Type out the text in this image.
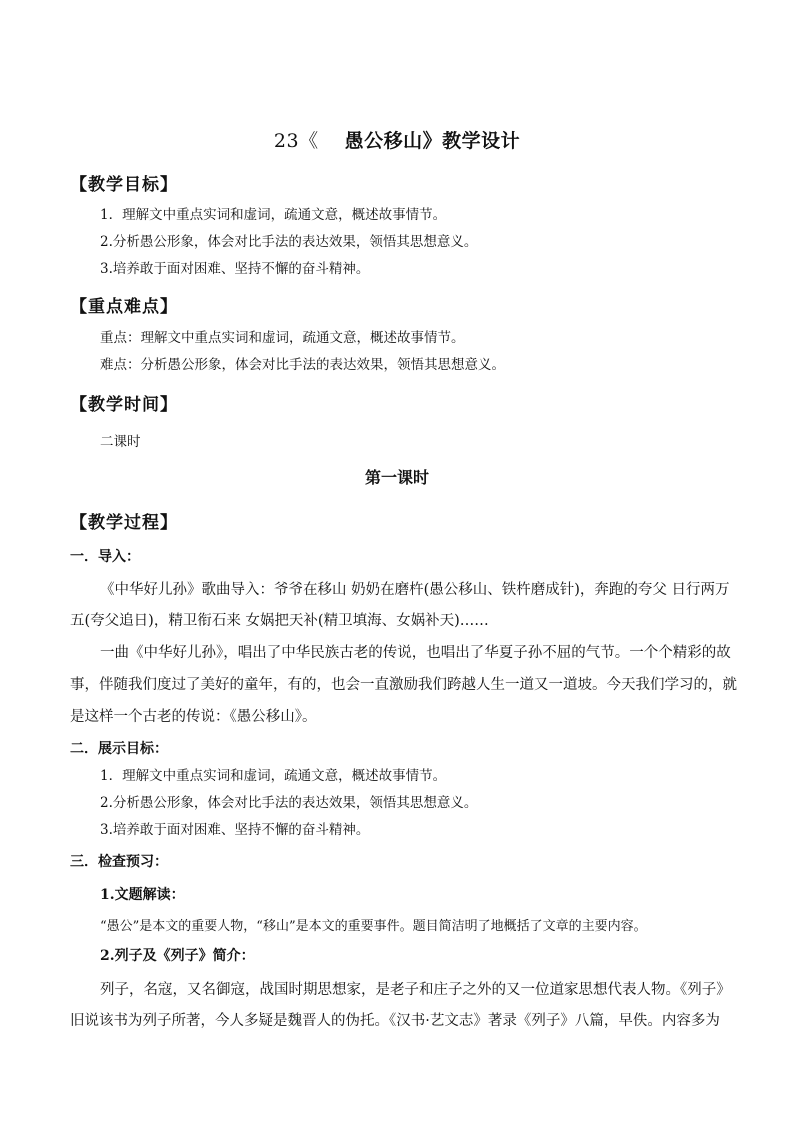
23《 愚公移山》教学设计
【教学目标】
1．理解文中重点实词和虚词，疏通文意，概述故事情节。
2.分析愚公形象，体会对比手法的表达效果，领悟其思想意义。
3.培养敢于面对困难、坚持不懈的奋斗精神。
【重点难点】
重点：理解文中重点实词和虚词，疏通文意，概述故事情节。
难点：分析愚公形象，体会对比手法的表达效果，领悟其思想意义。
【教学时间】
二课时
第一课时
【教学过程】
一．导入：
《中华好儿孙》歌曲导入：爷爷在移山 奶奶在磨杵(愚公移山、铁杵磨成针)，奔跑的夸父 日行两万
五(夸父追日)，精卫衔石来 女娲把天补(精卫填海、女娲补天)……
一曲《中华好儿孙》，唱出了中华民族古老的传说，也唱出了华夏子孙不屈的气节。一个个精彩的故
事，伴随我们度过了美好的童年，有的，也会一直激励我们跨越人生一道又一道坡。今天我们学习的，就
是这样一个古老的传说：《愚公移山》。
二．展示目标：
1．理解文中重点实词和虚词，疏通文意，概述故事情节。
2.分析愚公形象，体会对比手法的表达效果，领悟其思想意义。
3.培养敢于面对困难、坚持不懈的奋斗精神。
三．检查预习：
1.文题解读：
“愚公”是本文的重要人物，“移山”是本文的重要事件。题目简洁明了地概括了文章的主要内容。
2.列子及《列子》简介：
列子，名寇，又名御寇，战国时期思想家，是老子和庄子之外的又一位道家思想代表人物。《列子》
旧说该书为列子所著，今人多疑是魏晋人的伪托。《汉书·艺文志》著录《列子》八篇，早佚。内容多为
